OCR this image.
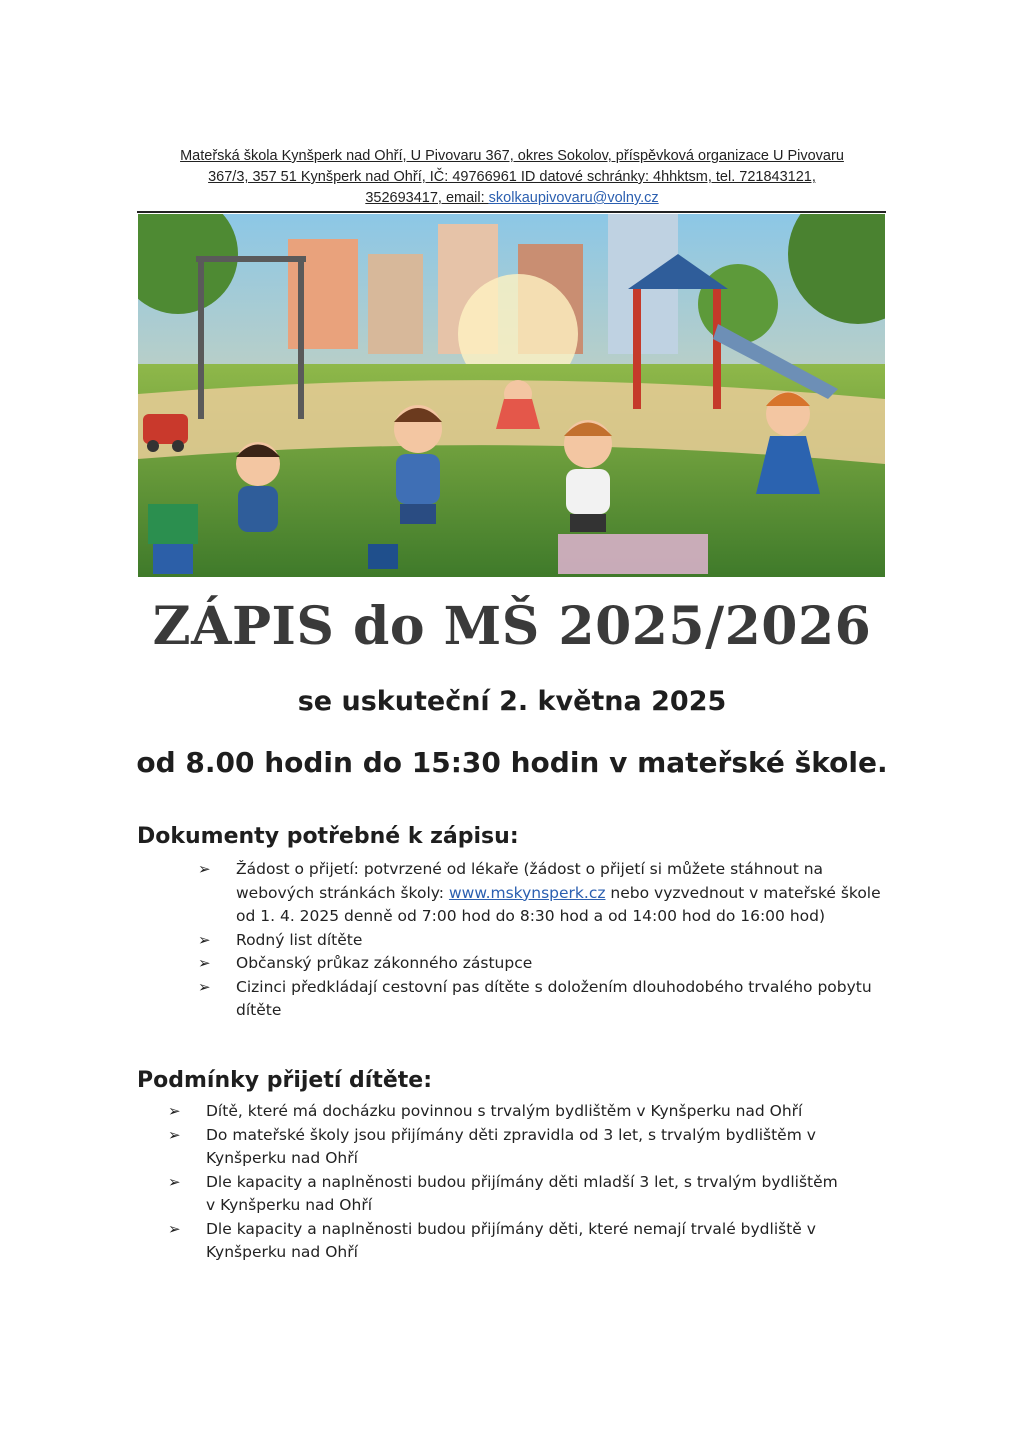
Mateřská škola Kynšperk nad Ohří, U Pivovaru 367, okres Sokolov, příspěvková organizace U Pivovaru
367/3, 357 51 Kynšperk nad Ohří, IČ: 49766961 ID datové schránky: 4hhktsm, tel. 721843121,
352693417, email: skolkaupivovaru@volny.cz
ZÁPIS do MŠ 2025/2026
se uskuteční 2. května 2025
od 8.00 hodin do 15:30 hodin v mateřské škole.
Dokumenty potřebné k zápisu:
➢ Žádost o přijetí: potvrzené od lékaře (žádost o přijetí si můžete stáhnout na webových stránkách školy: www.mskynsperk.cz nebo vyzvednout v mateřské škole od 1. 4. 2025 denně od 7:00 hod do 8:30 hod a od 14:00 hod do 16:00 hod)
➢ Rodný list dítěte
➢ Občanský průkaz zákonného zástupce
➢ Cizinci předkládají cestovní pas dítěte s doložením dlouhodobého trvalého pobytu dítěte
Podmínky přijetí dítěte:
➢ Dítě, které má docházku povinnou s trvalým bydlištěm v Kynšperku nad Ohří
➢ Do mateřské školy jsou přijímány děti zpravidla od 3 let, s trvalým bydlištěm v Kynšperku nad Ohří
➢ Dle kapacity a naplněnosti budou přijímány děti mladší 3 let, s trvalým bydlištěm v Kynšperku nad Ohří
➢ Dle kapacity a naplněnosti budou přijímány děti, které nemají trvalé bydliště v Kynšperku nad Ohří
